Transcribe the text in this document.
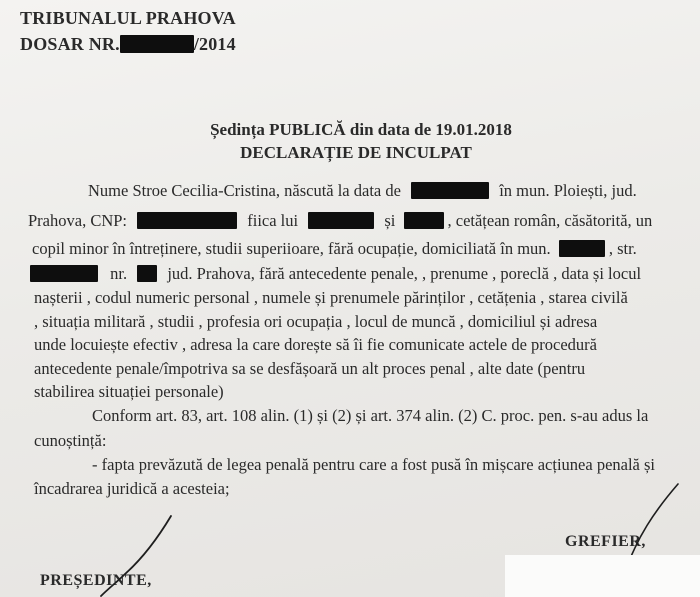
TRIBUNALUL PRAHOVA
DOSAR NR.	/2014
Ședința PUBLICĂ din data de 19.01.2018
DECLARAȚIE DE INCULPAT
Nume Stroe Cecilia-Cristina, născută la data de	în mun. Ploiești, jud.
Prahova, CNP:	fiica lui	și	, cetățean român, căsătorită, un
copil minor în întreținere, studii superiioare, fără ocupație, domiciliată în mun.	, str.
nr. jud. Prahova, fără antecedente penale, , prenume , poreclă , data și locul
nașterii , codul numeric personal , numele și prenumele părinților , cetățenia , starea civilă
, situația militară , studii , profesia ori ocupația , locul de muncă , domiciliul și adresa
unde locuiește efectiv , adresa la care dorește să îi fie comunicate actele de procedură
antecedente penale/împotriva sa se desfășoară un alt proces penal , alte date (pentru
stabilirea situației personale)
Conform art. 83, art. 108 alin. (1) și (2) și art. 374 alin. (2) C. proc. pen. s-au adus la
cunoștință:
- fapta prevăzută de legea penală pentru care a fost pusă în mișcare acțiunea penală și
încadrarea juridică a acesteia;
GREFIER,
PREȘEDINTE,
